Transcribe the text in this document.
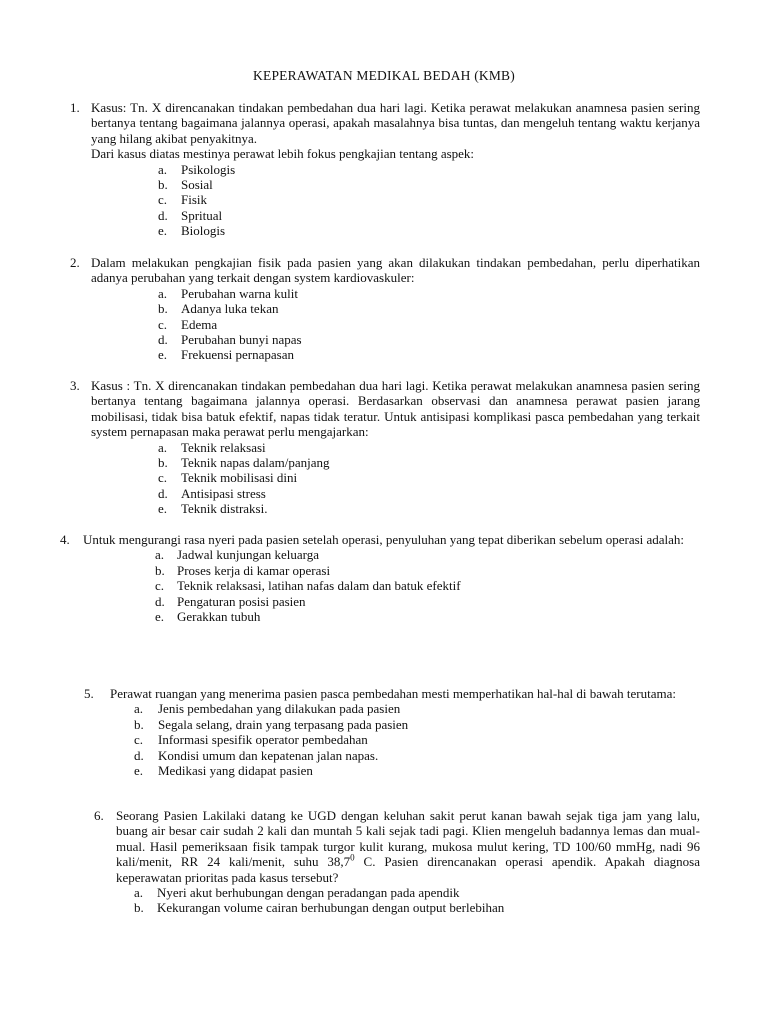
KEPERAWATAN MEDIKAL BEDAH (KMB)
1. Kasus: Tn. X direncanakan tindakan pembedahan dua hari lagi. Ketika perawat melakukan anamnesa pasien sering bertanya tentang bagaimana jalannya operasi, apakah masalahnya bisa tuntas, dan mengeluh tentang waktu kerjanya yang hilang akibat penyakitnya.

Dari kasus diatas mestinya perawat lebih fokus pengkajian tentang aspek:

a. Psikologis
b. Sosial
c. Fisik
d. Spritual
e. Biologis
2. Dalam melakukan pengkajian fisik pada pasien yang akan dilakukan tindakan pembedahan, perlu diperhatikan adanya perubahan yang terkait dengan system kardiovaskuler:

a. Perubahan warna kulit
b. Adanya luka tekan
c. Edema
d. Perubahan bunyi napas
e. Frekuensi pernapasan
3. Kasus : Tn. X direncanakan tindakan pembedahan dua hari lagi. Ketika perawat melakukan anamnesa pasien sering bertanya tentang bagaimana jalannya operasi. Berdasarkan observasi dan anamnesa perawat pasien jarang mobilisasi, tidak bisa batuk efektif, napas tidak teratur. Untuk antisipasi komplikasi pasca pembedahan yang terkait system pernapasan maka perawat perlu mengajarkan:

a. Teknik relaksasi
b. Teknik napas dalam/panjang
c. Teknik mobilisasi dini
d. Antisipasi stress
e. Teknik distraksi.
4. Untuk mengurangi rasa nyeri pada pasien setelah operasi, penyuluhan yang tepat diberikan sebelum operasi adalah:

a. Jadwal kunjungan keluarga
b. Proses kerja di kamar operasi
c. Teknik relaksasi, latihan nafas dalam dan batuk efektif
d. Pengaturan posisi pasien
e. Gerakkan tubuh
5. Perawat ruangan yang menerima pasien pasca pembedahan mesti memperhatikan hal-hal di bawah terutama:

a. Jenis pembedahan yang dilakukan pada pasien
b. Segala selang, drain yang terpasang pada pasien
c. Informasi spesifik operator pembedahan
d. Kondisi umum dan kepatenan jalan napas.
e. Medikasi yang didapat pasien
6. Seorang Pasien Lakilaki datang ke UGD dengan keluhan sakit perut kanan bawah sejak tiga jam yang lalu, buang air besar cair sudah 2 kali dan muntah 5 kali sejak tadi pagi. Klien mengeluh badannya lemas dan mual-mual. Hasil pemeriksaan fisik tampak turgor kulit kurang, mukosa mulut kering, TD 100/60 mmHg, nadi 96 kali/menit, RR 24 kali/menit, suhu 38,7$^0$ C. Pasien direncanakan operasi apendik. Apakah diagnosa keperawatan prioritas pada kasus tersebut?

a. Nyeri akut berhubungan dengan peradangan pada apendik
b. Kekurangan volume cairan berhubungan dengan output berlebihan
